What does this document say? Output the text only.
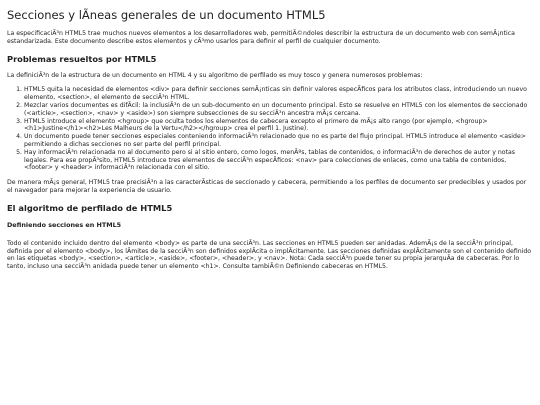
Secciones y lÃneas generales de un documento HTML5

La especificaciÃ³n HTML5 trae muchos nuevos elementos a los desarrolladores web, permitiÃ©ndoles describir la estructura de un documento web con semÃ¡ntica estandarizada. Este documento describe estos elementos y cÃ³mo usarlos para definir el perfil de cualquier documento.

Problemas resueltos por HTML5

La definiciÃ³n de la estructura de un documento en HTML 4 y su algoritmo de perfilado es muy tosco y genera numerosos problemas:

1. HTML5 quita la necesidad de elementos <div> para definir secciones semÃ¡nticas sin definir valores especÃficos para los atributos class, introduciendo un nuevo elemento, <section>, el elemento de secciÃ³n HTML.
2. Mezclar varios documentes es difÃcil: la inclusiÃ³n de un sub-documento en un documento principal. Esto se resuelve en HTML5 con los elementos de seccionado (<article>, <section>, <nav> y <aside>) son siempre subsecciones de su secciÃ³n ancestra mÃ¡s cercana.
3. HTML5 introduce el elemento <hgroup> que oculta todos los elementos de cabecera excepto el primero de mÃ¡s alto rango (por ejemplo, <hgroup><h1>Justine</h1><h2>Les Malheurs de la Vertu</h2></hgroup> crea el perfil 1. Justine).
4. Un documento puede tener secciones especiales conteniendo informaciÃ³n relacionado que no es parte del flujo principal. HTML5 introduce el elemento <aside> permitiendo a dichas secciones no ser parte del perfil principal.
5. Hay informaciÃ³n relacionada no al documento pero si al sitio entero, como logos, menÃºs, tablas de contenidos, o informaciÃ³n de derechos de autor y notas legales. Para ese propÃ³sito, HTML5 introduce tres elementos de secciÃ³n especÃficos: <nav> para colecciones de enlaces, como una tabla de contenidos, <footer> y <header> informaciÃ³n relacionada con el sitio.

De manera mÃ¡s general, HTML5 trae precisiÃ³n a las caracterÃsticas de seccionado y cabecera, permitiendo a los perfiles de documento ser predecibles y usados por el navegador para mejorar la experiencia de usuario.

El algoritmo de perfilado de HTML5
Definiendo secciones en HTML5

Todo el contenido incluido dentro del elemento <body> es parte de una secciÃ³n. Las secciones en HTML5 pueden ser anidadas. AdemÃ¡s de la secciÃ³n principal, definida por el elemento <body>, los lÃmites de la secciÃ³n son definidos explÃcita o implÃcitamente. Las secciones definidas explÃcitamente son el contenido definido en las etiquetas <body>, <section>, <article>, <aside>, <footer>, <header>, y <nav>. Nota: Cada secciÃ³n puede tener su propia jerarquÃa de cabeceras. Por lo tanto, incluso una secciÃ³n anidada puede tener un elemento <h1>. Consulte tambiÃ©n Definiendo cabeceras en HTML5.
